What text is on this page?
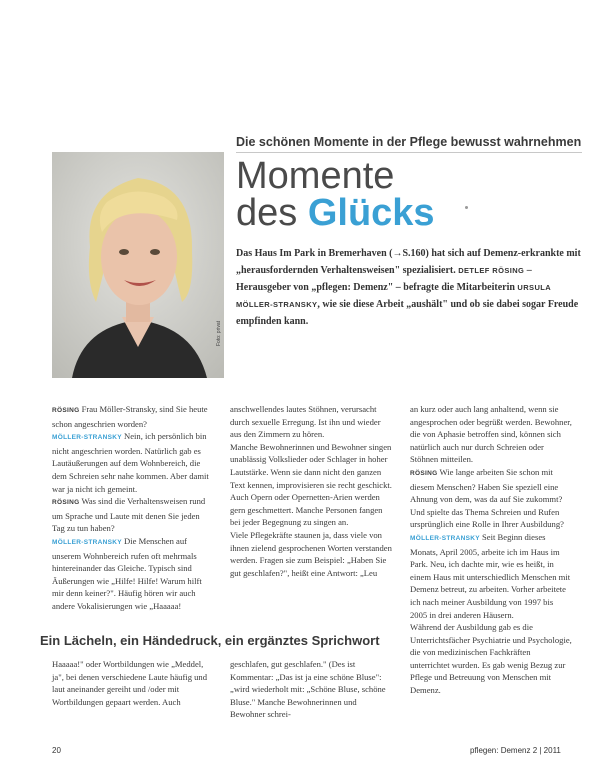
Die schönen Momente in der Pflege bewusst wahrnehmen
Momente
des Glücks
Foto: privat
Das Haus Im Park in Bremerhaven (→S.160) hat sich auf Demenz-erkrankte mit „herausfordernden Verhaltensweisen" spezialisiert. DETLEF RÖSING – Herausgeber von „pflegen: Demenz" – befragte die Mitarbeiterin URSULA MÖLLER-STRANSKY, wie sie diese Arbeit „aushält" und ob sie dabei sogar Freude empfinden kann.

RÖSING Frau Möller-Stransky, sind Sie heute schon angeschrien worden?

MÖLLER-STRANSKY Nein, ich persönlich bin nicht angeschrien worden. Natürlich gab es Lautäußerungen auf dem Wohnbereich, die dem Schreien sehr nahe kommen. Aber damit war ja nicht ich gemeint.

RÖSING Was sind die Verhaltensweisen rund um Sprache und Laute mit denen Sie jeden Tag zu tun haben?

MÖLLER-STRANSKY Die Menschen auf unserem Wohnbereich rufen oft mehrmals hintereinander das Gleiche. Typisch sind Äußerungen wie „Hilfe! Hilfe! Warum hilft mir denn keiner?". Häufig hören wir auch andere Vokalisierungen wie „Haaaaa!

anschwellendes lautes Stöhnen, verursacht durch sexuelle Erregung. Ist ihn und wieder aus den Zimmern zu hören.

Manche Bewohnerinnen und Bewohner singen unablässig Volkslieder oder Schlager in hoher Lautstärke. Wenn sie dann nicht den ganzen Text kennen, improvisieren sie recht geschickt. Auch Opern oder Opernetten-Arien werden gern geschmettert. Manche Personen fangen bei jeder Begegnung zu singen an.

Viele Pflegekräfte staunen ja, dass viele von ihnen zielend gesprochenen Worten verstanden werden. Fragen sie zum Beispiel: „Haben Sie gut geschlafen?", heißt eine Antwort: „Leu

an kurz oder auch lang anhaltend, wenn sie angesprochen oder begrüßt werden. Bewohner, die von Aphasie betroffen sind, können sich natürlich auch nur durch Schreien oder Stöhnen mitteilen.

RÖSING Wie lange arbeiten Sie schon mit diesem Menschen? Haben Sie speziell eine Ahnung von dem, was da auf Sie zukommt? Und spielte das Thema Schreien und Rufen ursprünglich eine Rolle in Ihrer Ausbildung?

MÖLLER-STRANSKY Seit Beginn dieses Monats, April 2005, arbeite ich im Haus im Park. Neu, ich dachte mir, wie es heißt, in einem Haus mit unterschiedlich Menschen mit Demenz betreut, zu arbeiten. Vorher arbeitete ich nach meiner Ausbildung von 1997 bis 2005 in drei anderen Häusern.

Während der Ausbildung gab es die Unterrichtsfächer Psychiatrie und Psychologie, die von medizinischen Fachkräften unterrichtet wurden. Es gab wenig Bezug zur Pflege und Betreuung von Menschen mit Demenz.

Ein Lächeln, ein Händedruck, ein ergänztes Sprichwort

Haaaaa!" oder Wortbildungen wie „Meddel, ja", bei denen verschiedene Laute häufig und laut aneinander gereiht und /oder mit Wortbildungen gepaart werden. Auch

geschlafen, gut geschlafen." (Des ist Kommentar: „Das ist ja eine schöne Bluse": „wird wiederholt mit: „Schöne Bluse, schöne Bluse." Manche Bewohnerinnen und Bewohner schrei-

20	pflegen: Demenz 2 | 2011
